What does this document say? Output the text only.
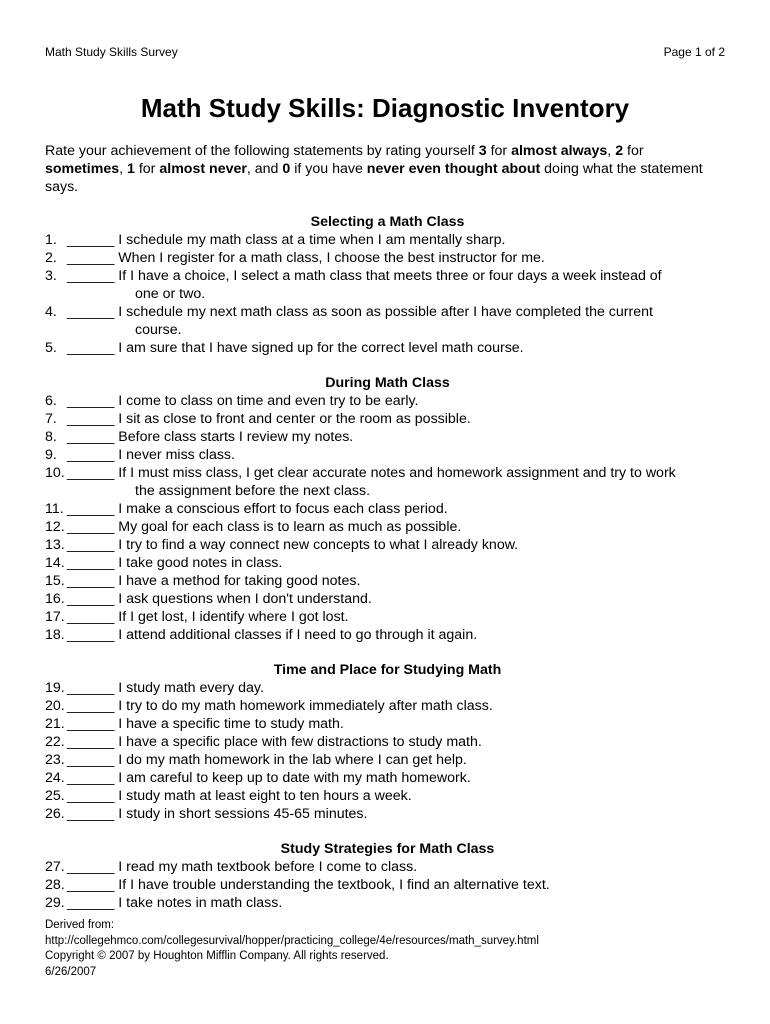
Math Study Skills Survey	Page 1 of 2
Math Study Skills: Diagnostic Inventory
Rate your achievement of the following statements by rating yourself 3 for almost always, 2 for sometimes, 1 for almost never, and 0 if you have never even thought about doing what the statement says.
Selecting a Math Class
1. ______ I schedule my math class at a time when I am mentally sharp.
2. ______ When I register for a math class, I choose the best instructor for me.
3. ______ If I have a choice, I select a math class that meets three or four days a week instead of
one or two.
4. ______ I schedule my next math class as soon as possible after I have completed the current
course.
5. ______ I am sure that I have signed up for the correct level math course.
During Math Class
6. ______ I come to class on time and even try to be early.
7. ______ I sit as close to front and center or the room as possible.
8. ______ Before class starts I review my notes.
9. ______ I never miss class.
10. ______ If I must miss class, I get clear accurate notes and homework assignment and try to work
the assignment before the next class.
11. ______ I make a conscious effort to focus each class period.
12. ______ My goal for each class is to learn as much as possible.
13. ______ I try to find a way connect new concepts to what I already know.
14. ______ I take good notes in class.
15. ______ I have a method for taking good notes.
16. ______ I ask questions when I don't understand.
17. ______ If I get lost, I identify where I got lost.
18. ______ I attend additional classes if I need to go through it again.
Time and Place for Studying Math
19. ______ I study math every day.
20. ______ I try to do my math homework immediately after math class.
21. ______ I have a specific time to study math.
22. ______ I have a specific place with few distractions to study math.
23. ______ I do my math homework in the lab where I can get help.
24. ______ I am careful to keep up to date with my math homework.
25. ______ I study math at least eight to ten hours a week.
26. ______ I study in short sessions 45-65 minutes.
Study Strategies for Math Class
27. ______ I read my math textbook before I come to class.
28. ______ If I have trouble understanding the textbook, I find an alternative text.
29. ______ I take notes in math class.
Derived from:
http://collegehmco.com/collegesurvival/hopper/practicing_college/4e/resources/math_survey.html
Copyright © 2007 by Houghton Mifflin Company. All rights reserved.
6/26/2007
